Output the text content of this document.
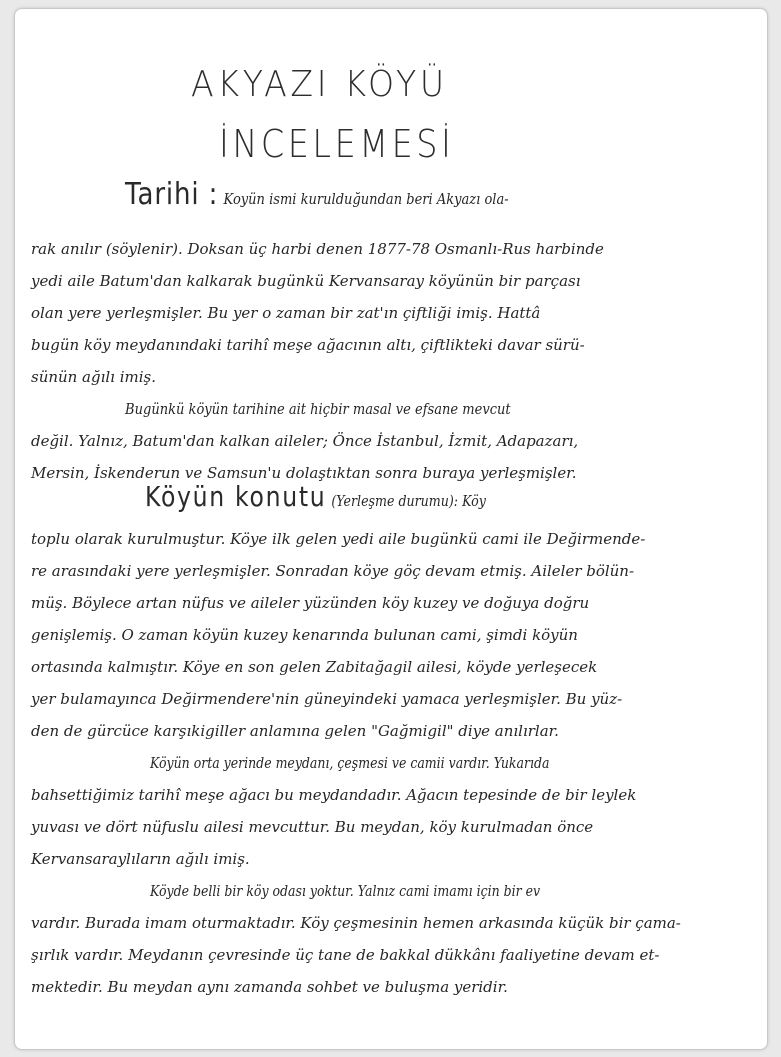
AKYAZI KÖYÜ
İNCELEMESİ
Tarihi : Koyün ismi kurulduğundan beri Akyazı ola-
rak anılır (söylenir). Doksan üç harbi denen 1877-78 Osmanlı-Rus harbinde
yedi aile Batum'dan kalkarak bugünkü Kervansaray köyünün bir parçası
olan yere yerleşmişler. Bu yer o zaman bir zat'ın çiftliği imiş. Hattâ
bugün köy meydanındaki tarihî meşe ağacının altı, çiftlikteki davar sürü-
sünün ağılı imiş.
Bugünkü köyün tarihine ait hiçbir masal ve efsane mevcut
değil. Yalnız, Batum'dan kalkan aileler; Önce İstanbul, İzmit, Adapazarı,
Mersin, İskenderun ve Samsun'u dolaştıktan sonra buraya yerleşmişler.
Köyün konutu (Yerleşme durumu): Köy
toplu olarak kurulmuştur. Köye ilk gelen yedi aile bugünkü cami ile Değirmende-
re arasındaki yere yerleşmişler. Sonradan köye göç devam etmiş. Aileler bölün-
müş. Böylece artan nüfus ve aileler yüzünden köy kuzey ve doğuya doğru
genişlemiş. O zaman köyün kuzey kenarında bulunan cami, şimdi köyün
ortasında kalmıştır. Köye en son gelen Zabitağagil ailesi, köyde yerleşecek
yer bulamayınca Değirmendere'nin güneyindeki yamaca yerleşmişler. Bu yüz-
den de gürcüce karşıkigiller anlamına gelen "Gağmigil" diye anılırlar.
Köyün orta yerinde meydanı, çeşmesi ve camii vardır. Yukarıda
bahsettiğimiz tarihî meşe ağacı bu meydandadır. Ağacın tepesinde de bir leylek
yuvası ve dört nüfuslu ailesi mevcuttur. Bu meydan, köy kurulmadan önce
Kervansaraylıların ağılı imiş.
Köyde belli bir köy odası yoktur. Yalnız cami imamı için bir ev
vardır. Burada imam oturmaktadır. Köy çeşmesinin hemen arkasında küçük bir çama-
şırlık vardır. Meydanın çevresinde üç tane de bakkal dükkânı faaliyetine devam et-
mektedir. Bu meydan aynı zamanda sohbet ve buluşma yeridir.
